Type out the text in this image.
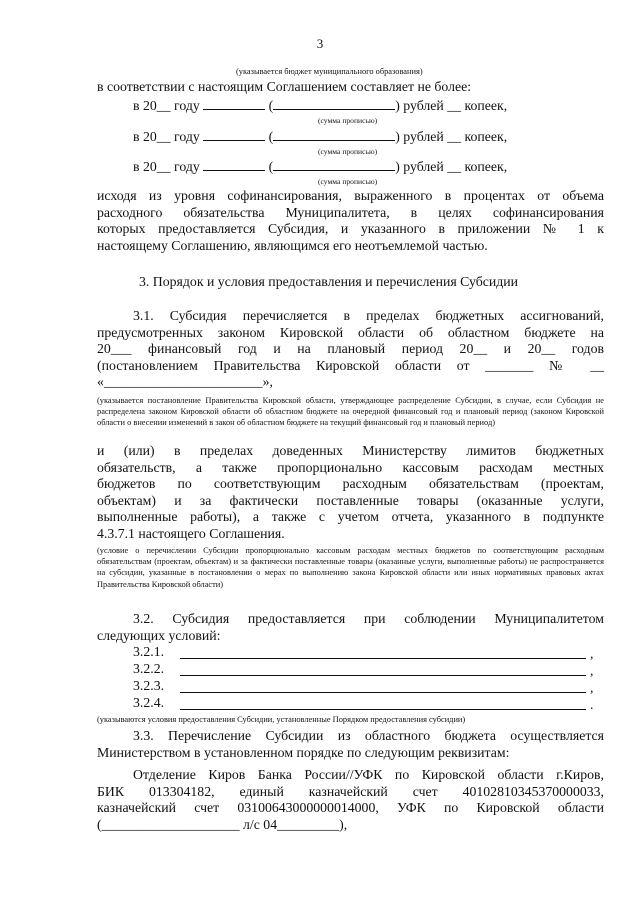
3
(указывается бюджет муниципального образования)
в соответствии с настоящим Соглашением составляет не более:
в 20__ году	(	) рублей __ копеек,
(сумма прописью)
в 20__ году	(	) рублей __ копеек,
(сумма прописью)
в 20__ году	(	) рублей __ копеек,
(сумма прописью)
исходя из уровня софинансирования, выраженного в процентах от объема
расходного обязательства Муниципалитета, в целях софинансирования
которых предоставляется Субсидия, и указанного в приложении № 1 к
настоящему Соглашению, являющимся его неотъемлемой частью.
3. Порядок и условия предоставления и перечисления Субсидии
3.1. Субсидия перечисляется в пределах бюджетных ассигнований,
предусмотренных законом Кировской области об областном бюджете на
20___ финансовый год и на плановый период 20__ и 20__ годов
(постановлением Правительства Кировской области от _______ № __
«_______________________»,
(указывается постановление Правительства Кировской области, утверждающее распределение Субсидии, в случае, если Субсидия не распределена законом Кировской области об областном бюджете на очередной финансовый год и плановый период (законом Кировской области о внесении изменений в закон об областном бюджете на текущий финансовый год и плановый период)
и (или) в пределах доведенных Министерству лимитов бюджетных
обязательств, а также пропорционально кассовым расходам местных
бюджетов по соответствующим расходным обязательствам (проектам,
объектам) и за фактически поставленные товары (оказанные услуги,
выполненные работы), а также с учетом отчета, указанного в подпункте
4.3.7.1 настоящего Соглашения.
(условие о перечислении Субсидии пропорционально кассовым расходам местных бюджетов по соответствующим расходным обязательствам (проектам, объектам) и за фактически поставленные товары (оказанные услуги, выполненные работы) не распространяется на субсидии, указанные в постановлении о мерах по выполнению закона Кировской области или иных нормативных правовых актах Правительства Кировской области)
3.2. Субсидия предоставляется при соблюдении Муниципалитетом
следующих условий:
3.2.1.	,
3.2.2.	,
3.2.3.	,
3.2.4.	.
(указываются условия предоставления Субсидии, установленные Порядком предоставления субсидии)
3.3. Перечисление Субсидии из областного бюджета осуществляется
Министерством в установленном порядке по следующим реквизитам:
Отделение Киров Банка России//УФК по Кировской области г.Киров,
БИК 013304182, единый казначейский счет 40102810345370000033,
казначейский счет 03100643000000014000, УФК по Кировской области
(____________________ л/с 04_________),
